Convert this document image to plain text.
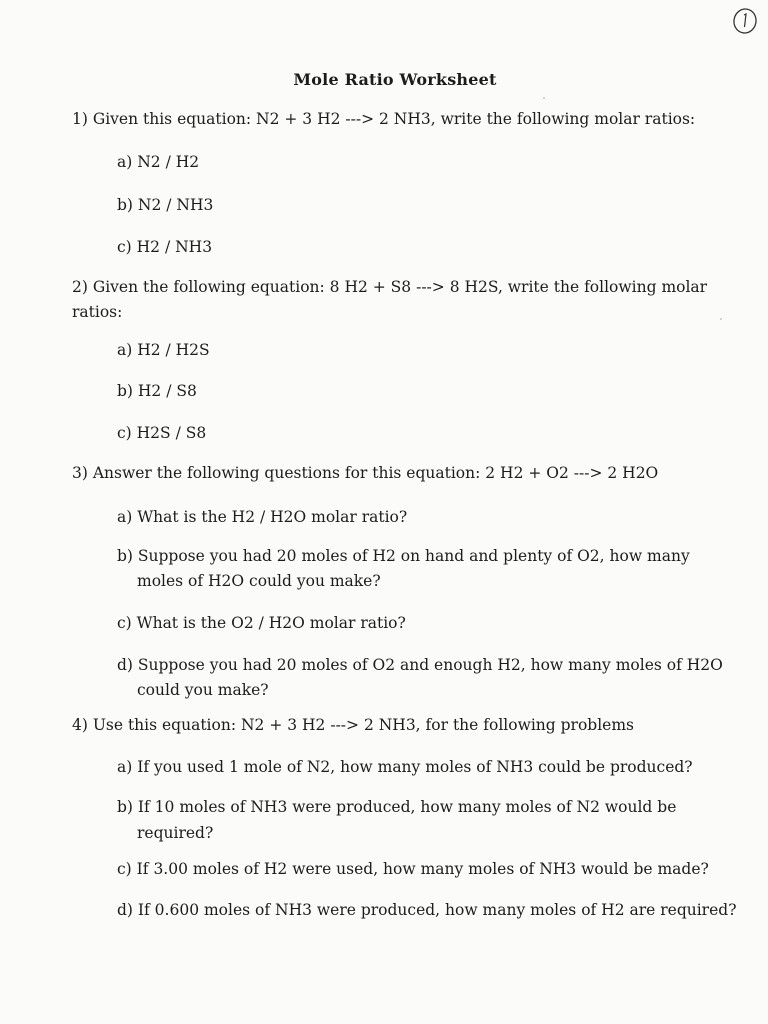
Mole Ratio Worksheet
1) Given this equation: N2 + 3 H2 ---> 2 NH3, write the following molar ratios:
a) N2 / H2
b) N2 / NH3
c) H2 / NH3
2) Given the following equation: 8 H2 + S8 ---> 8 H2S, write the following molar
ratios:
a) H2 / H2S
b) H2 / S8
c) H2S / S8
3) Answer the following questions for this equation: 2 H2 + O2 ---> 2 H2O
a) What is the H2 / H2O molar ratio?
b) Suppose you had 20 moles of H2 on hand and plenty of O2, how many
moles of H2O could you make?
c) What is the O2 / H2O molar ratio?
d) Suppose you had 20 moles of O2 and enough H2, how many moles of H2O
could you make?
4) Use this equation: N2 + 3 H2 ---> 2 NH3, for the following problems
a) If you used 1 mole of N2, how many moles of NH3 could be produced?
b) If 10 moles of NH3 were produced, how many moles of N2 would be
required?
c) If 3.00 moles of H2 were used, how many moles of NH3 would be made?
d) If 0.600 moles of NH3 were produced, how many moles of H2 are required?
